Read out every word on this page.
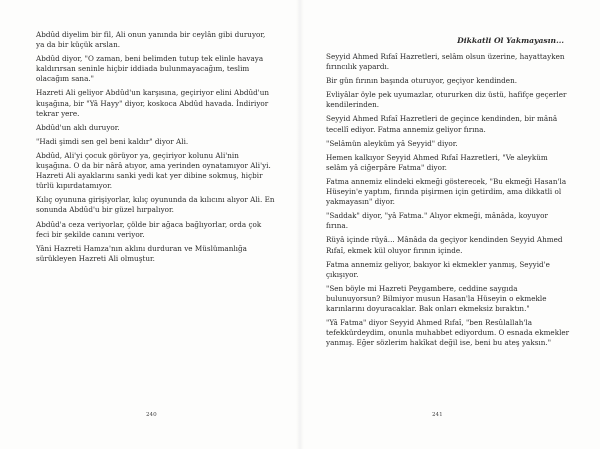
Abdûd diyelim bir fil, Ali onun yanında bir ceylân gibi duruyor, ya da bir küçük arslan.

Abdûd diyor, "O zaman, beni belimden tutup tek elinle havaya kaldırırsan seninle hiçbir iddiada bulunmayacağım, teslim olacağım sana."

Hazreti Ali geliyor Abdûd'un karşısına, geçiriyor elini Abdûd'un kuşağına, bir "Yâ Hayy" diyor, koskoca Abdûd havada. İndiriyor tekrar yere.

Abdûd'un aklı duruyor.

"Hadi şimdi sen gel beni kaldır" diyor Ali.

Abdûd, Ali'yi çocuk görüyor ya, geçiriyor kolunu Ali'nin kuşağına. O da bir nârâ atıyor, ama yerinden oynatamıyor Ali'yi. Hazreti Ali ayaklarını sanki yedi kat yer dibine sokmuş, hiçbir türlü kıpırdatamıyor.

Kılıç oyununa girişiyorlar, kılıç oyununda da kılıcını alıyor Ali. En sonunda Abdûd'u bir güzel hırpalıyor.

Abdûd'a ceza veriyorlar, çölde bir ağaca bağlıyorlar, orda çok feci bir şekilde canını veriyor.

Yâni Hazreti Hamza'nın aklını durduran ve Müslümanlığa sürükleyen Hazreti Ali olmuştur.

240
Dikkatli Ol Yakmayasın...

Seyyid Ahmed Rıfaî Hazretleri, selâm olsun üzerine, hayattayken fırıncılık yapardı.

Bir gün fırının başında oturuyor, geçiyor kendinden.

Evliyâlar öyle pek uyumazlar, otururken diz üstü, hafifçe geçerler kendilerinden.

Seyyid Ahmed Rıfaî Hazretleri de geçince kendinden, bir mânâ tecellî ediyor. Fatma annemiz geliyor fırına.

"Selâmün aleyküm yâ Seyyid" diyor.

Hemen kalkıyor Seyyid Ahmed Rıfaî Hazretleri, "Ve aleyküm selâm yâ ciğerpâre Fatma" diyor.

Fatma annemiz elindeki ekmeği gösterecek, "Bu ekmeği Hasan'la Hüseyin'e yaptım, fırında pişirmen için getirdim, ama dikkatli ol yakmayasın" diyor.

"Saddak" diyor, "yâ Fatma." Alıyor ekmeği, mânâda, koyuyor fırına.

Rüyâ içinde rüyâ... Mânâda da geçiyor kendinden Seyyid Ahmed Rıfaî, ekmek kül oluyor fırının içinde.

Fatma annemiz geliyor, bakıyor ki ekmekler yanmış, Seyyid'e çıkışıyor.

"Sen böyle mi Hazreti Peygambere, ceddine saygıda bulunuyorsun? Bilmiyor musun Hasan'la Hüseyin o ekmekle karınlarını doyuracaklar. Bak onları ekmeksiz bıraktın."

"Yâ Fatma" diyor Seyyid Ahmed Rıfaî, "ben Resûlallah'la tefekkürdeydim, onunla muhabbet ediyordum. O esnada ekmekler yanmış. Eğer sözlerim hakîkat değil ise, beni bu ateş yaksın."

241
